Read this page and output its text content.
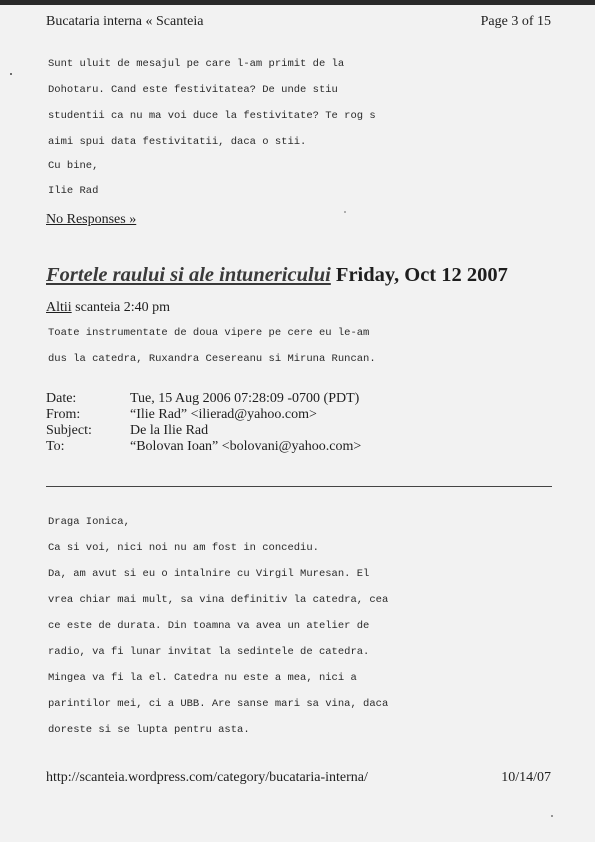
Bucataria interna « Scanteia	Page 3 of 15
Sunt uluit de mesajul pe care l-am primit de la
Dohotaru. Cand este festivitatea? De unde stiu
studentii ca nu ma voi duce la festivitate? Te rog s
aimi spui data festivitatii, daca o stii.
Cu bine,
Ilie Rad
No Responses »
Fortele raului si ale intunericului Friday, Oct 12 2007
Altii scanteia 2:40 pm
Toate instrumentate de doua vipere pe cere eu le-am
dus la catedra, Ruxandra Cesereanu si Miruna Runcan.
Date:	Tue, 15 Aug 2006 07:28:09 -0700 (PDT)
From:	“Ilie Rad” <ilierad@yahoo.com>
Subject:	De la Ilie Rad
To:	“Bolovan Ioan” <bolovani@yahoo.com>
Draga Ionica,
Ca si voi, nici noi nu am fost in concediu.
Da, am avut si eu o intalnire cu Virgil Muresan. El
vrea chiar mai mult, sa vina definitiv la catedra, cea
ce este de durata. Din toamna va avea un atelier de
radio, va fi lunar invitat la sedintele de catedra.
Mingea va fi la el. Catedra nu este a mea, nici a
parintilor mei, ci a UBB. Are sanse mari sa vina, daca
doreste si se lupta pentru asta.
http://scanteia.wordpress.com/category/bucataria-interna/	10/14/07
